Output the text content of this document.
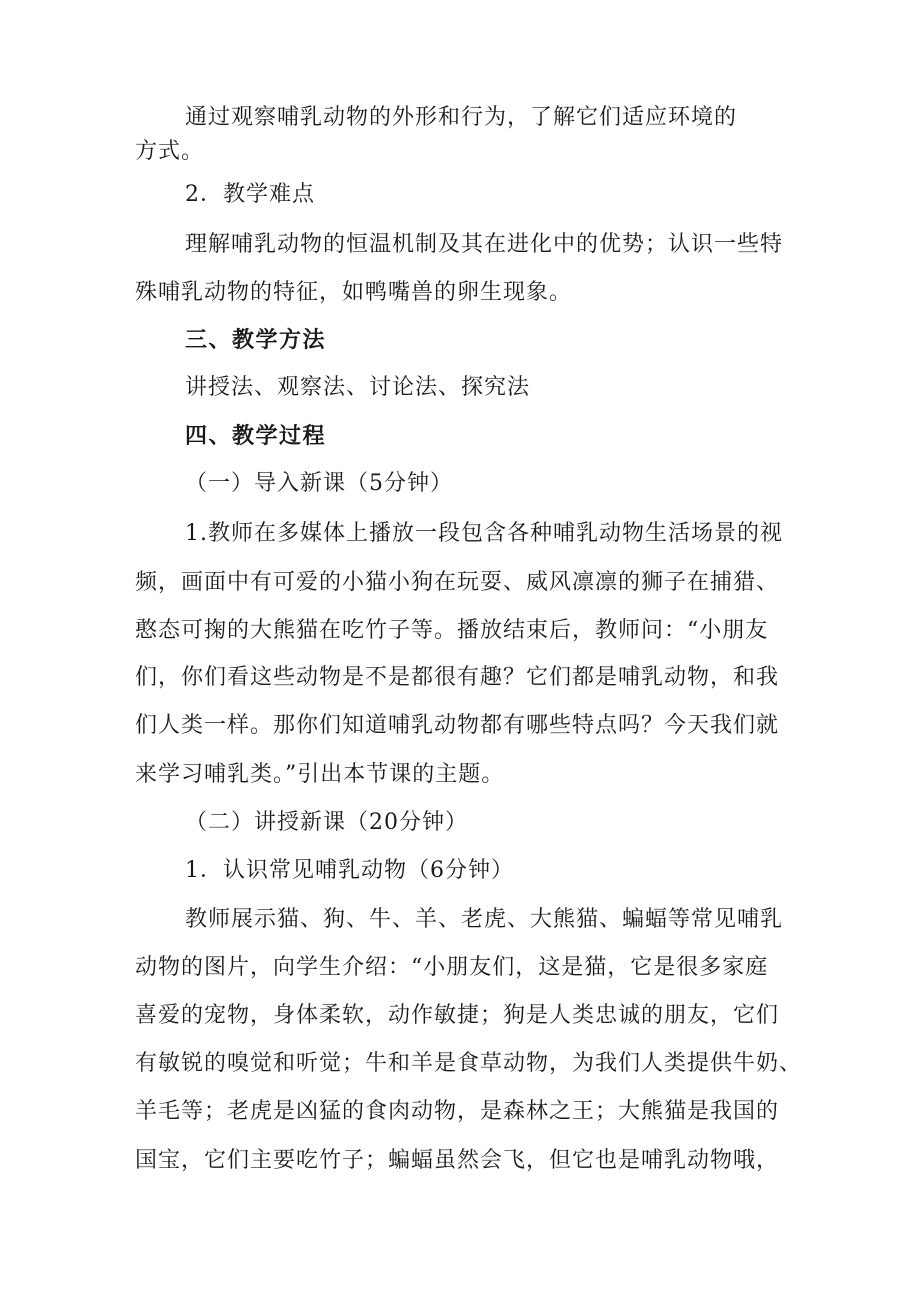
通过观察哺乳动物的外形和行为，了解它们适应环境的

方式。

2．教学难点

理解哺乳动物的恒温机制及其在进化中的优势；认识一些特

殊哺乳动物的特征，如鸭嘴兽的卵生现象。

三、教学方法

讲授法、观察法、讨论法、探究法

四、教学过程

（一）导入新课（5分钟）

1.教师在多媒体上播放一段包含各种哺乳动物生活场景的视

频，画面中有可爱的小猫小狗在玩耍、威风凛凛的狮子在捕猎、

憨态可掬的大熊猫在吃竹子等。播放结束后，教师问：“小朋友

们，你们看这些动物是不是都很有趣？它们都是哺乳动物，和我

们人类一样。那你们知道哺乳动物都有哪些特点吗？今天我们就

来学习哺乳类。”引出本节课的主题。

（二）讲授新课（20分钟）

1．认识常见哺乳动物（6分钟）

教师展示猫、狗、牛、羊、老虎、大熊猫、蝙蝠等常见哺乳

动物的图片，向学生介绍：“小朋友们，这是猫，它是很多家庭

喜爱的宠物，身体柔软，动作敏捷；狗是人类忠诚的朋友，它们

有敏锐的嗅觉和听觉；牛和羊是食草动物，为我们人类提供牛奶、

羊毛等；老虎是凶猛的食肉动物，是森林之王；大熊猫是我国的

国宝，它们主要吃竹子；蝙蝠虽然会飞，但它也是哺乳动物哦，
